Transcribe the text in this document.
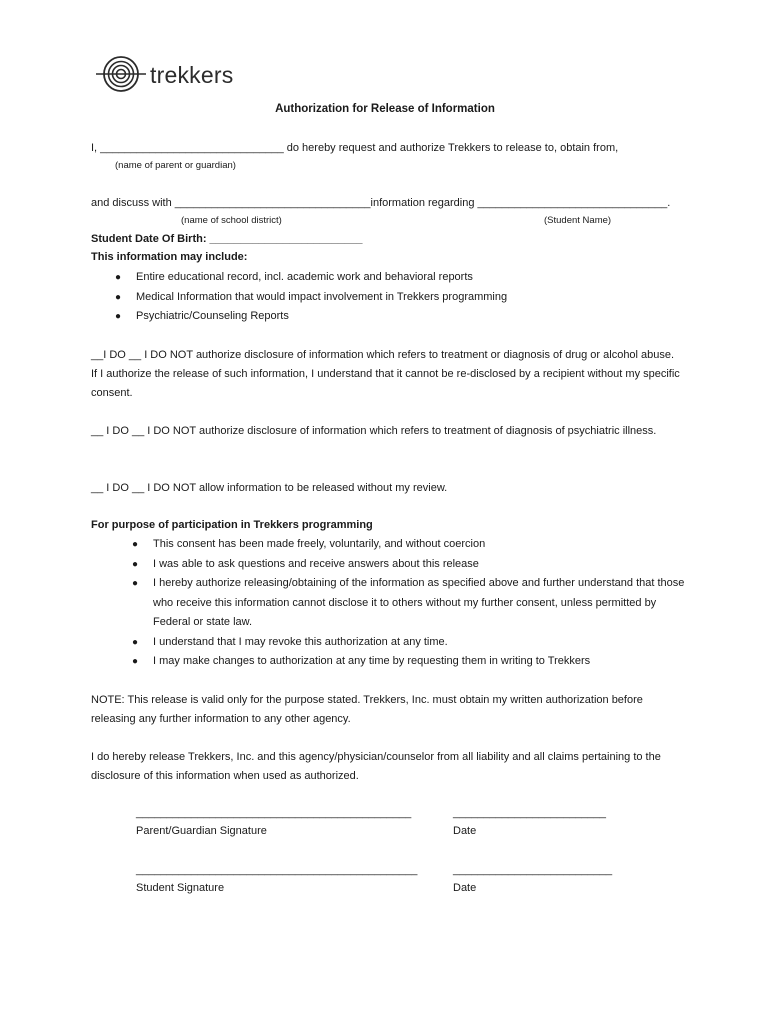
trekkers
Authorization for Release of Information
I, ______________________________ do hereby request and authorize Trekkers to release to, obtain from,
(name of parent or guardian)
and discuss with ________________________________information regarding _______________________________.
(name of school district)	(Student Name)
Student Date Of Birth: _________________________
This information may include:
● Entire educational record, incl. academic work and behavioral reports
● Medical Information that would impact involvement in Trekkers programming
● Psychiatric/Counseling Reports
__I DO __ I DO NOT authorize disclosure of information which refers to treatment or diagnosis of drug or alcohol abuse. If I authorize the release of such information, I understand that it cannot be re-disclosed by a recipient without my specific consent.
__ I DO __ I DO NOT authorize disclosure of information which refers to treatment of diagnosis of psychiatric illness.
__ I DO __ I DO NOT allow information to be released without my review.
For purpose of participation in Trekkers programming
● This consent has been made freely, voluntarily, and without coercion
● I was able to ask questions and receive answers about this release
● I hereby authorize releasing/obtaining of the information as specified above and further understand that those who receive this information cannot disclose it to others without my further consent, unless permitted by Federal or state law.
● I understand that I may revoke this authorization at any time.
● I may make changes to authorization at any time by requesting them in writing to Trekkers
NOTE: This release is valid only for the purpose stated. Trekkers, Inc. must obtain my written authorization before releasing any further information to any other agency.
I do hereby release Trekkers, Inc. and this agency/physician/counselor from all liability and all claims pertaining to the disclosure of this information when used as authorized.
_____________________________________________	_________________________
Parent/Guardian Signature	Date
______________________________________________	__________________________
Student Signature	Date
